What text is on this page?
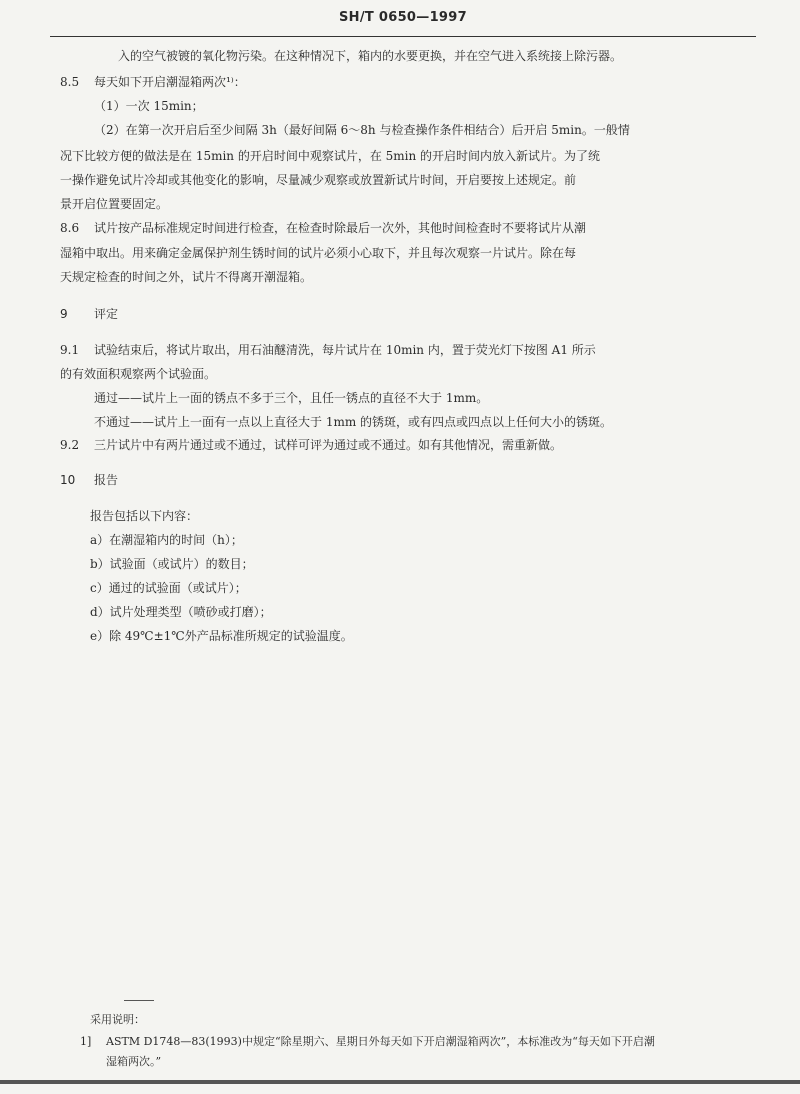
SH/T 0650—1997
入的空气被镀的氧化物污染。在这种情况下，箱内的水要更换，并在空气进入系统接上除污器。
8.5 每天如下开启潮湿箱两次¹⁾：
（1）一次 15min；
（2）在第一次开启后至少间隔 3h（最好间隔 6～8h 与检查操作条件相结合）后开启 5min。一般情
况下比较方便的做法是在 15min 的开启时间中观察试片，在 5min 的开启时间内放入新试片。为了统
一操作避免试片冷却或其他变化的影响，尽量减少观察或放置新试片时间，开启要按上述规定。前
景开启位置要固定。
8.6 试片按产品标准规定时间进行检查，在检查时除最后一次外，其他时间检查时不要将试片从潮
湿箱中取出。用来确定金属保护剂生锈时间的试片必须小心取下，并且每次观察一片试片。除在每
天规定检查的时间之外，试片不得离开潮湿箱。
9 评定
9.1 试验结束后，将试片取出，用石油醚清洗，每片试片在 10min 内，置于荧光灯下按图 A1 所示
的有效面积观察两个试验面。
通过——试片上一面的锈点不多于三个，且任一锈点的直径不大于 1mm。
不通过——试片上一面有一点以上直径大于 1mm 的锈斑，或有四点或四点以上任何大小的锈斑。
9.2 三片试片中有两片通过或不通过，试样可评为通过或不通过。如有其他情况，需重新做。
10 报告
报告包括以下内容：
a）在潮湿箱内的时间（h）；
b）试验面（或试片）的数目；
c）通过的试验面（或试片）；
d）试片处理类型（喷砂或打磨）；
e）除 49℃±1℃外产品标准所规定的试验温度。
采用说明：
1] ASTM D1748—83(1993)中规定“除星期六、星期日外每天如下开启潮湿箱两次”，本标准改为“每天如下开启潮
湿箱两次。”
